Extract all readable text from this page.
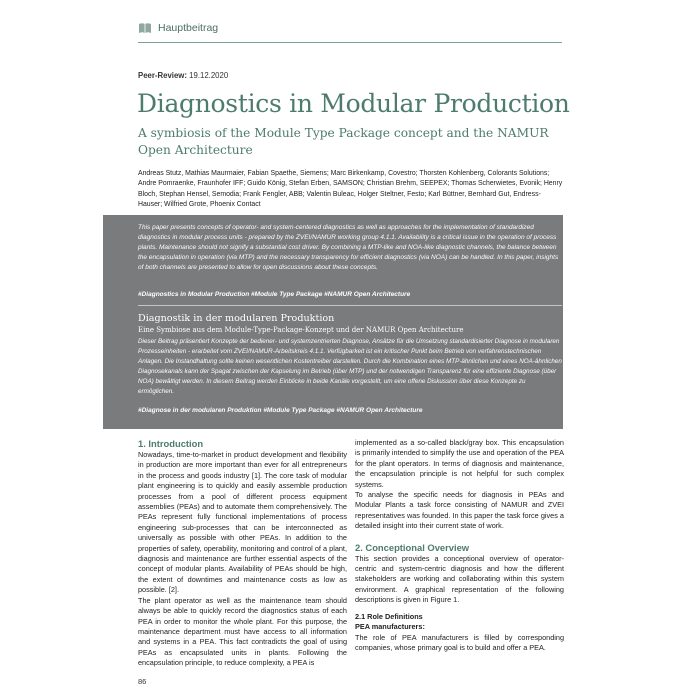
Hauptbeitrag
Peer-Review: 19.12.2020
Diagnostics in Modular Production
A symbiosis of the Module Type Package concept and the NAMUR Open Architecture
Andreas Stutz, Mathias Maurmaier, Fabian Spaethe, Siemens; Marc Birkenkamp, Covestro; Thorsten Kohlenberg, Colorants Solutions; Andre Pomraenke, Fraunhofer IFF; Guido König, Stefan Erben, SAMSON; Christian Brehm, SEEPEX; Thomas Scherwietes, Evonik; Henry Bloch, Stephan Hensel, Semodia; Frank Fengler, ABB; Valentin Buleac, Holger Steltner, Festo; Karl Büttner, Bernhard Gut, Endress-Hauser; Wilfried Grote, Phoenix Contact
This paper presents concepts of operator- and system-centered diagnostics as well as approaches for the implementation of standardized diagnostics in modular process units - prepared by the ZVEI/NAMUR working group 4.1.1. Availability is a critical issue in the operation of process plants. Maintenance should not signify a substantial cost driver. By combining a MTP-like and NOA-like diagnostic channels, the balance between the encapsulation in operation (via MTP) and the necessary transparency for efficient diagnostics (via NOA) can be handled. In this paper, insights of both channels are presented to allow for open discussions about these concepts.
#Diagnostics in Modular Production #Module Type Package #NAMUR Open Architecture
Diagnostik in der modularen Produktion
Eine Symbiose aus dem Module-Type-Package-Konzept und der NAMUR Open Architecture
Dieser Beitrag präsentiert Konzepte der bediener- und systemzentrierten Diagnose, Ansätze für die Umsetzung standardisierter Diagnose in modularen Prozesseinheiten - erarbeitet vom ZVEI/NAMUR-Arbeitskreis 4.1.1. Verfügbarkeit ist ein kritischer Punkt beim Betrieb von verfahrenstechnischen Anlagen. Die Instandhaltung sollte keinen wesentlichen Kostentreiber darstellen. Durch die Kombination eines MTP-ähnlichen und eines NOA-ähnlichen Diagnosekanals kann der Spagat zwischen der Kapselung im Betrieb (über MTP) und der notwendigen Transparenz für eine effiziente Diagnose (über NOA) bewältigt werden. In diesem Beitrag werden Einblicke in beide Kanäle vorgestellt, um eine offene Diskussion über diese Konzepte zu ermöglichen.
#Diagnose in der modularen Produktion #Module Type Package #NAMUR Open Architecture

1. Introduction

Nowadays, time-to-market in product development and flexibility in production are more important than ever for all entrepreneurs in the process and goods industry [1]. The core task of modular plant engineering is to quickly and easily assemble production processes from a pool of different process equipment assemblies (PEAs) and to automate them comprehensively. The PEAs represent fully functional implementations of process engineering sub-processes that can be interconnected as universally as possible with other PEAs. In addition to the properties of safety, operability, monitoring and control of a plant, diagnosis and maintenance are further essential aspects of the concept of modular plants. Availability of PEAs should be high, the extent of downtimes and maintenance costs as low as possible. [2].

The plant operator as well as the maintenance team should always be able to quickly record the diagnostics status of each PEA in order to monitor the whole plant. For this purpose, the maintenance department must have access to all information and systems in a PEA. This fact contradicts the goal of using PEAs as encapsulated units in plants. Following the encapsulation principle, to reduce complexity, a PEA is

implemented as a so-called black/gray box. This encapsulation is primarily intended to simplify the use and operation of the PEA for the plant operators. In terms of diagnosis and maintenance, the encapsulation principle is not helpful for such complex systems.

To analyse the specific needs for diagnosis in PEAs and Modular Plants a task force consisting of NAMUR and ZVEI representatives was founded. In this paper the task force gives a detailed insight into their current state of work.

2. Conceptional Overview

This section provides a conceptional overview of operator-centric and system-centric diagnosis and how the different stakeholders are working and collaborating within this system environment. A graphical representation of the following descriptions is given in Figure 1.

2.1 Role Definitions

PEA manufacturers:

The role of PEA manufacturers is filled by corresponding companies, whose primary goal is to build and offer a PEA.

86
